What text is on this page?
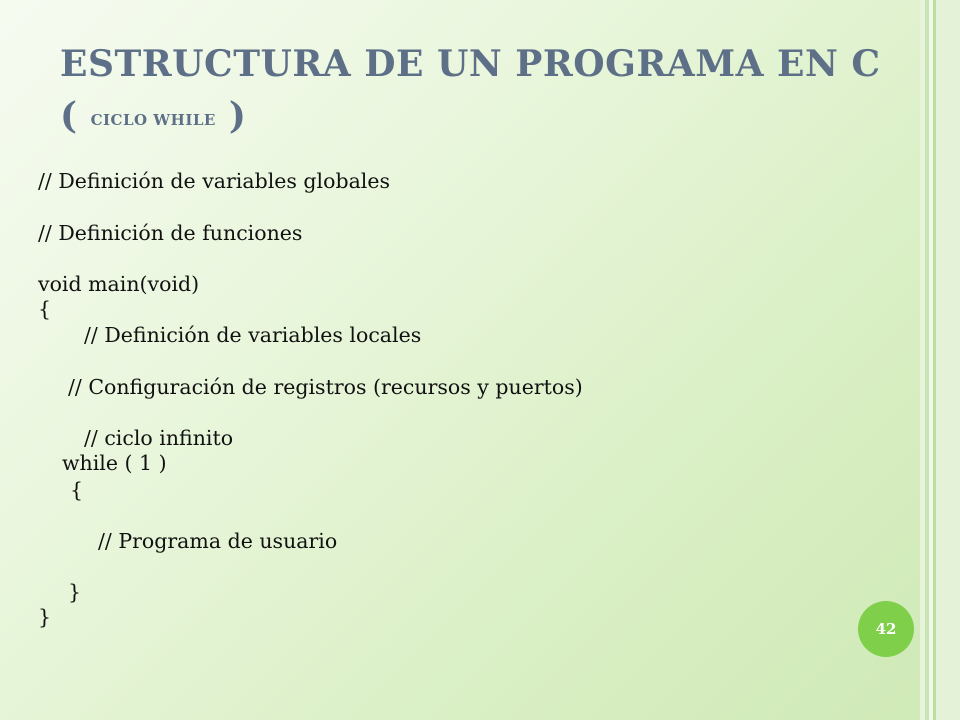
ESTRUCTURA DE UN PROGRAMA EN C
( CICLO WHILE )
// Definición de variables globales
// Definición de funciones
void main(void)
{
// Definición de variables locales
// Configuración de registros (recursos y puertos)
// ciclo infinito
while ( 1 )
{
// Programa de usuario
}
}	42
